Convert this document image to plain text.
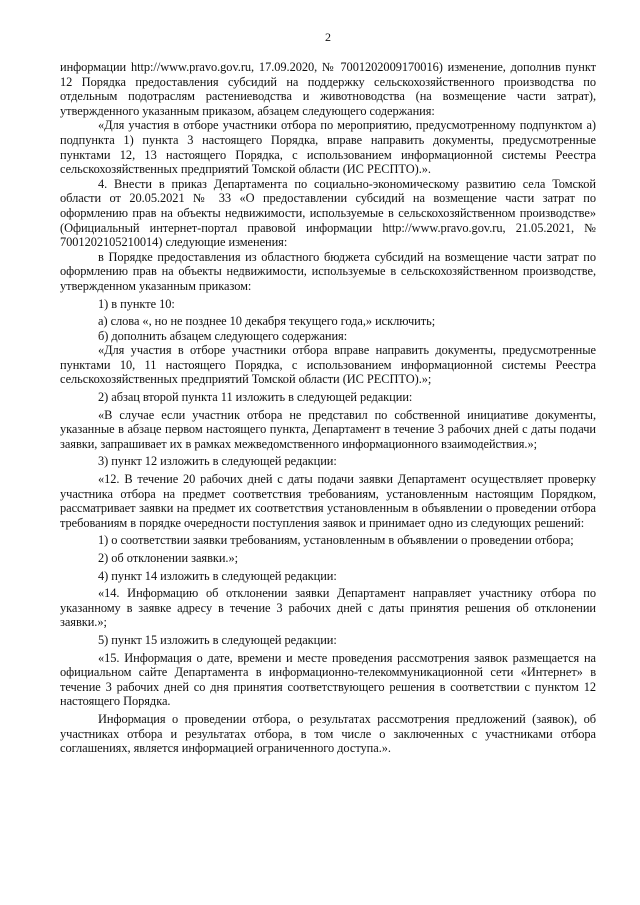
2

информации http://www.pravo.gov.ru, 17.09.2020, № 7001202009170016) изменение, дополнив пункт 12 Порядка предоставления субсидий на поддержку сельскохозяйственного производства по отдельным подотраслям растениеводства и животноводства (на возмещение части затрат), утвержденного указанным приказом, абзацем следующего содержания:

«Для участия в отборе участники отбора по мероприятию, предусмотренному подпунктом а) подпункта 1) пункта 3 настоящего Порядка, вправе направить документы, предусмотренные пунктами 12, 13 настоящего Порядка, с использованием информационной системы Реестра сельскохозяйственных предприятий Томской области (ИС РЕСПТО).».

4. Внести в приказ Департамента по социально-экономическому развитию села Томской области от 20.05.2021 № 33 «О предоставлении субсидий на возмещение части затрат по оформлению прав на объекты недвижимости, используемые в сельскохозяйственном производстве» (Официальный интернет-портал правовой информации http://www.pravo.gov.ru, 21.05.2021, № 7001202105210014) следующие изменения:

в Порядке предоставления из областного бюджета субсидий на возмещение части затрат по оформлению прав на объекты недвижимости, используемые в сельскохозяйственном производстве, утвержденном указанным приказом:

1) в пункте 10:

а) слова «, но не позднее 10 декабря текущего года,» исключить;

б) дополнить абзацем следующего содержания:

«Для участия в отборе участники отбора вправе направить документы, предусмотренные пунктами 10, 11 настоящего Порядка, с использованием информационной системы Реестра сельскохозяйственных предприятий Томской области (ИС РЕСПТО).»;

2) абзац второй пункта 11 изложить в следующей редакции:

«В случае если участник отбора не представил по собственной инициативе документы, указанные в абзаце первом настоящего пункта, Департамент в течение 3 рабочих дней с даты подачи заявки, запрашивает их в рамках межведомственного информационного взаимодействия.»;

3) пункт 12 изложить в следующей редакции:

«12. В течение 20 рабочих дней с даты подачи заявки Департамент осуществляет проверку участника отбора на предмет соответствия требованиям, установленным настоящим Порядком, рассматривает заявки на предмет их соответствия установленным в объявлении о проведении отбора требованиям в порядке очередности поступления заявок и принимает одно из следующих решений:

1) о соответствии заявки требованиям, установленным в объявлении о проведении отбора;

2) об отклонении заявки.»;

4) пункт 14 изложить в следующей редакции:

«14. Информацию об отклонении заявки Департамент направляет участнику отбора по указанному в заявке адресу в течение 3 рабочих дней с даты принятия решения об отклонении заявки.»;

5) пункт 15 изложить в следующей редакции:

«15. Информация о дате, времени и месте проведения рассмотрения заявок размещается на официальном сайте Департамента в информационно-телекоммуникационной сети «Интернет» в течение 3 рабочих дней со дня принятия соответствующего решения в соответствии с пунктом 12 настоящего Порядка.

Информация о проведении отбора, о результатах рассмотрения предложений (заявок), об участниках отбора и результатах отбора, в том числе о заключенных с участниками отбора соглашениях, является информацией ограниченного доступа.».
